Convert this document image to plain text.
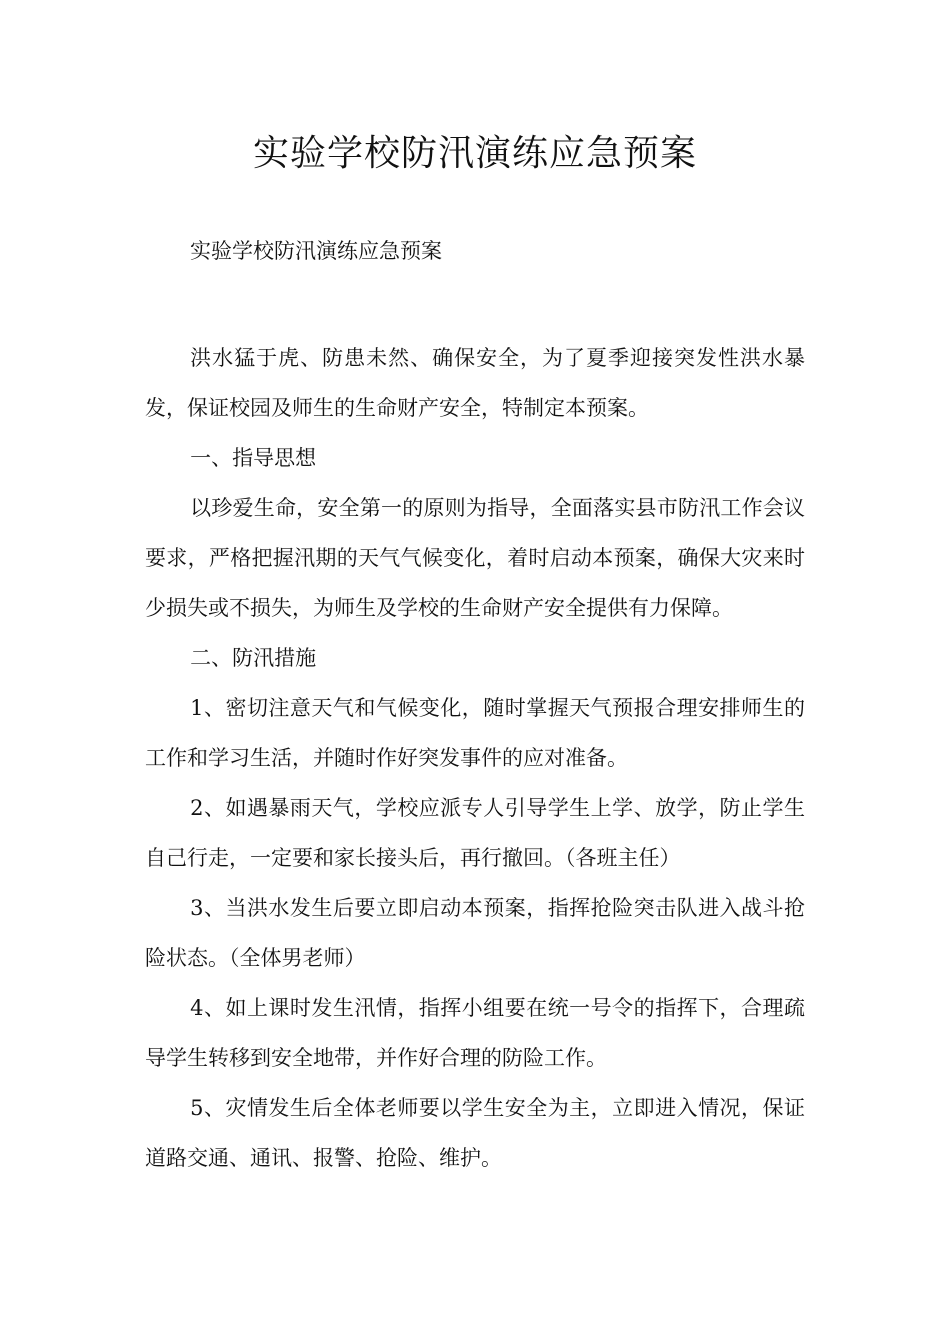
实验学校防汛演练应急预案
实验学校防汛演练应急预案

洪水猛于虎、防患未然、确保安全，为了夏季迎接突发性洪水暴发，保证校园及师生的生命财产安全，特制定本预案。

一、指导思想

以珍爱生命，安全第一的原则为指导，全面落实县市防汛工作会议要求，严格把握汛期的天气气候变化，着时启动本预案，确保大灾来时少损失或不损失，为师生及学校的生命财产安全提供有力保障。

二、防汛措施

1、密切注意天气和气候变化，随时掌握天气预报合理安排师生的工作和学习生活，并随时作好突发事件的应对准备。

2、如遇暴雨天气，学校应派专人引导学生上学、放学，防止学生自己行走，一定要和家长接头后，再行撤回。（各班主任）

3、当洪水发生后要立即启动本预案，指挥抢险突击队进入战斗抢险状态。（全体男老师）

4、如上课时发生汛情，指挥小组要在统一号令的指挥下，合理疏导学生转移到安全地带，并作好合理的防险工作。

5、灾情发生后全体老师要以学生安全为主，立即进入情况，保证道路交通、通讯、报警、抢险、维护。
